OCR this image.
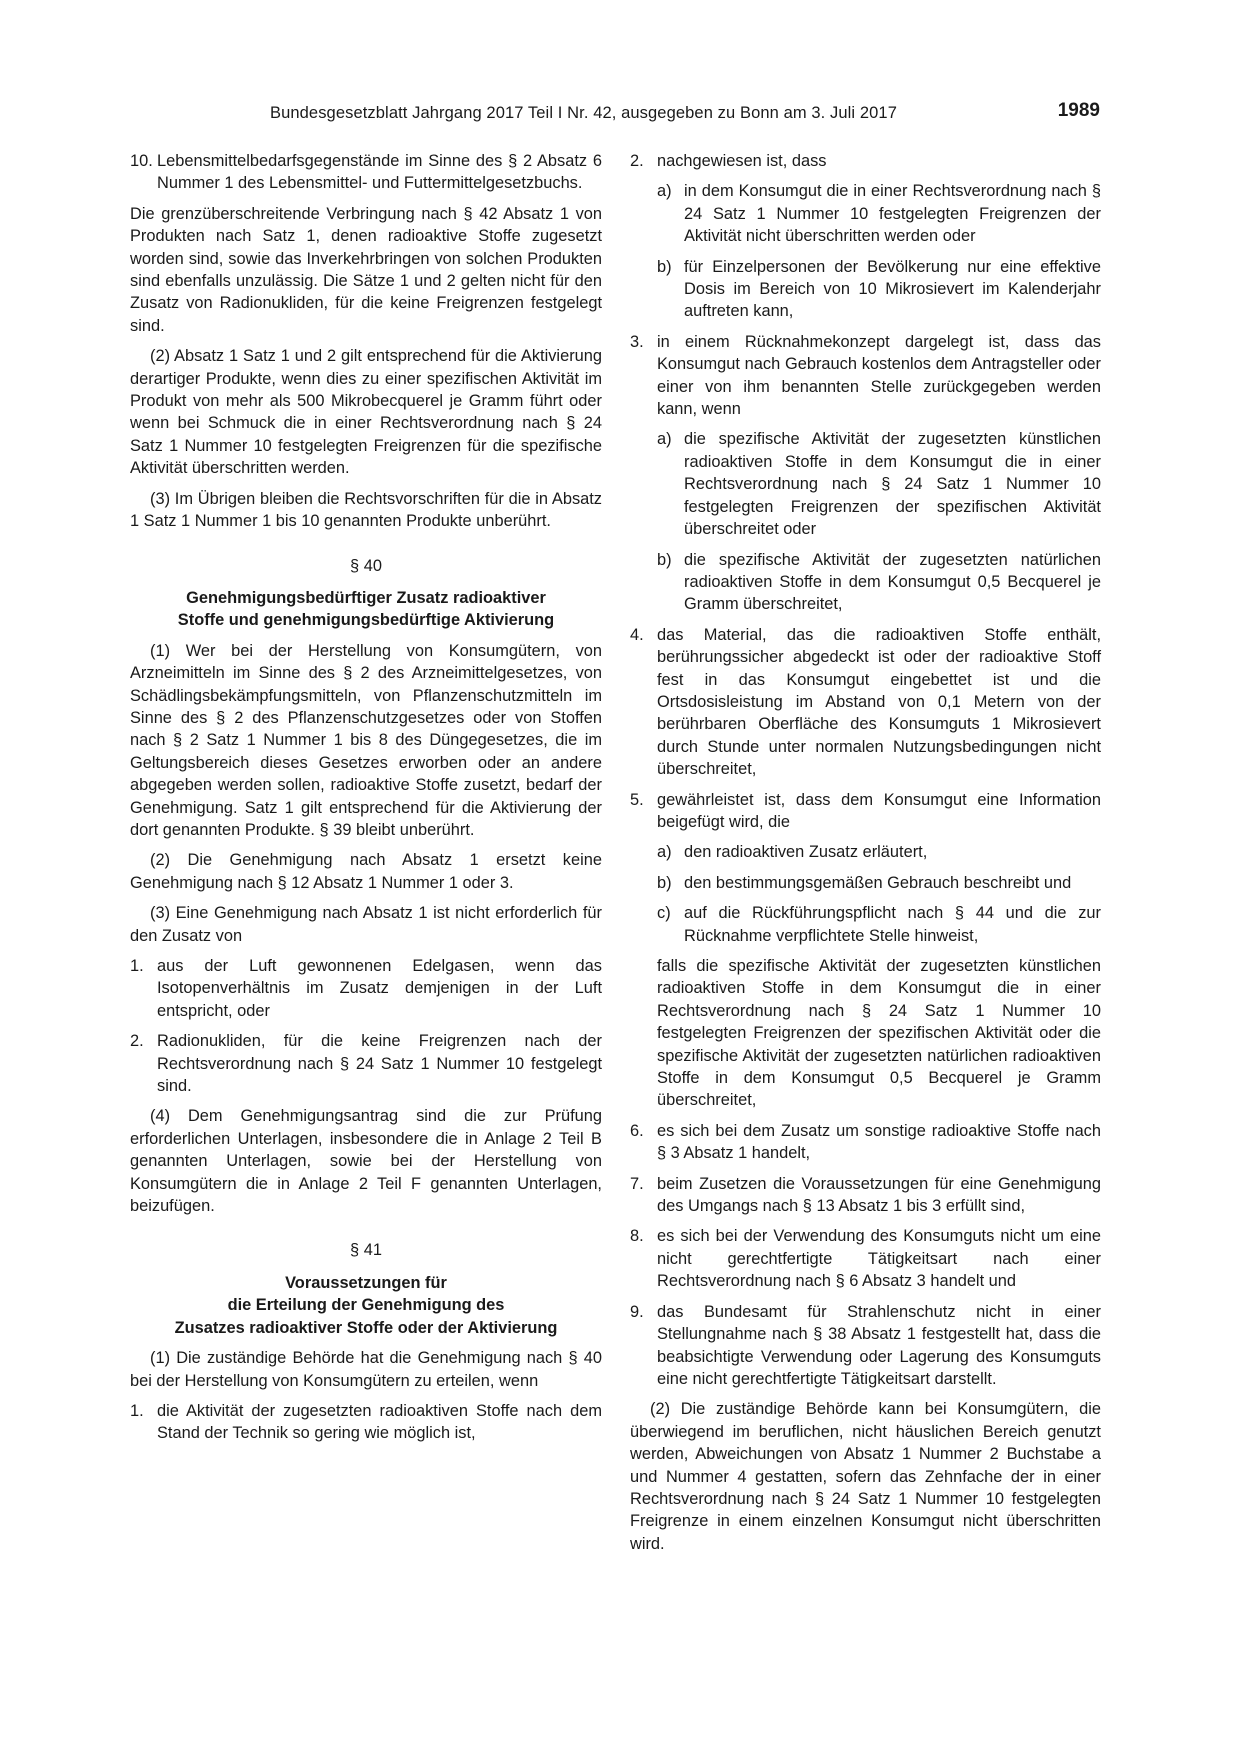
Bundesgesetzblatt Jahrgang 2017 Teil I Nr. 42, ausgegeben zu Bonn am 3. Juli 2017	1989
10. Lebensmittelbedarfsgegenstände im Sinne des § 2 Absatz 6 Nummer 1 des Lebensmittel- und Futtermittelgesetzbuchs.

Die grenzüberschreitende Verbringung nach § 42 Absatz 1 von Produkten nach Satz 1, denen radioaktive Stoffe zugesetzt worden sind, sowie das Inverkehrbringen von solchen Produkten sind ebenfalls unzulässig. Die Sätze 1 und 2 gelten nicht für den Zusatz von Radionukliden, für die keine Freigrenzen festgelegt sind.

(2) Absatz 1 Satz 1 und 2 gilt entsprechend für die Aktivierung derartiger Produkte, wenn dies zu einer spezifischen Aktivität im Produkt von mehr als 500 Mikrobecquerel je Gramm führt oder wenn bei Schmuck die in einer Rechtsverordnung nach § 24 Satz 1 Nummer 10 festgelegten Freigrenzen für die spezifische Aktivität überschritten werden.

(3) Im Übrigen bleiben die Rechtsvorschriften für die in Absatz 1 Satz 1 Nummer 1 bis 10 genannten Produkte unberührt.

§ 40
Genehmigungsbedürftiger Zusatz radioaktiver
Stoffe und genehmigungsbedürftige Aktivierung

(1) Wer bei der Herstellung von Konsumgütern, von Arzneimitteln im Sinne des § 2 des Arzneimittelgesetzes, von Schädlingsbekämpfungsmitteln, von Pflanzenschutzmitteln im Sinne des § 2 des Pflanzenschutzgesetzes oder von Stoffen nach § 2 Satz 1 Nummer 1 bis 8 des Düngegesetzes, die im Geltungsbereich dieses Gesetzes erworben oder an andere abgegeben werden sollen, radioaktive Stoffe zusetzt, bedarf der Genehmigung. Satz 1 gilt entsprechend für die Aktivierung der dort genannten Produkte. § 39 bleibt unberührt.

(2) Die Genehmigung nach Absatz 1 ersetzt keine Genehmigung nach § 12 Absatz 1 Nummer 1 oder 3.

(3) Eine Genehmigung nach Absatz 1 ist nicht erforderlich für den Zusatz von

1. aus der Luft gewonnenen Edelgasen, wenn das Isotopenverhältnis im Zusatz demjenigen in der Luft entspricht, oder
2. Radionukliden, für die keine Freigrenzen nach der Rechtsverordnung nach § 24 Satz 1 Nummer 10 festgelegt sind.

(4) Dem Genehmigungsantrag sind die zur Prüfung erforderlichen Unterlagen, insbesondere die in Anlage 2 Teil B genannten Unterlagen, sowie bei der Herstellung von Konsumgütern die in Anlage 2 Teil F genannten Unterlagen, beizufügen.

§ 41
Voraussetzungen für
die Erteilung der Genehmigung des
Zusatzes radioaktiver Stoffe oder der Aktivierung

(1) Die zuständige Behörde hat die Genehmigung nach § 40 bei der Herstellung von Konsumgütern zu erteilen, wenn

1. die Aktivität der zugesetzten radioaktiven Stoffe nach dem Stand der Technik so gering wie möglich ist,
2. nachgewiesen ist, dass
a) in dem Konsumgut die in einer Rechtsverordnung nach § 24 Satz 1 Nummer 10 festgelegten Freigrenzen der Aktivität nicht überschritten werden oder
b) für Einzelpersonen der Bevölkerung nur eine effektive Dosis im Bereich von 10 Mikrosievert im Kalenderjahr auftreten kann,
3. in einem Rücknahmekonzept dargelegt ist, dass das Konsumgut nach Gebrauch kostenlos dem Antragsteller oder einer von ihm benannten Stelle zurückgegeben werden kann, wenn
a) die spezifische Aktivität der zugesetzten künstlichen radioaktiven Stoffe in dem Konsumgut die in einer Rechtsverordnung nach § 24 Satz 1 Nummer 10 festgelegten Freigrenzen der spezifischen Aktivität überschreitet oder
b) die spezifische Aktivität der zugesetzten natürlichen radioaktiven Stoffe in dem Konsumgut 0,5 Becquerel je Gramm überschreitet,
4. das Material, das die radioaktiven Stoffe enthält, berührungssicher abgedeckt ist oder der radioaktive Stoff fest in das Konsumgut eingebettet ist und die Ortsdosisleistung im Abstand von 0,1 Metern von der berührbaren Oberfläche des Konsumguts 1 Mikrosievert durch Stunde unter normalen Nutzungsbedingungen nicht überschreitet,
5. gewährleistet ist, dass dem Konsumgut eine Information beigefügt wird, die
a) den radioaktiven Zusatz erläutert,
b) den bestimmungsgemäßen Gebrauch beschreibt und
c) auf die Rückführungspflicht nach § 44 und die zur Rücknahme verpflichtete Stelle hinweist,

falls die spezifische Aktivität der zugesetzten künstlichen radioaktiven Stoffe in dem Konsumgut die in einer Rechtsverordnung nach § 24 Satz 1 Nummer 10 festgelegten Freigrenzen der spezifischen Aktivität oder die spezifische Aktivität der zugesetzten natürlichen radioaktiven Stoffe in dem Konsumgut 0,5 Becquerel je Gramm überschreitet,

6. es sich bei dem Zusatz um sonstige radioaktive Stoffe nach § 3 Absatz 1 handelt,
7. beim Zusetzen die Voraussetzungen für eine Genehmigung des Umgangs nach § 13 Absatz 1 bis 3 erfüllt sind,
8. es sich bei der Verwendung des Konsumguts nicht um eine nicht gerechtfertigte Tätigkeitsart nach einer Rechtsverordnung nach § 6 Absatz 3 handelt und
9. das Bundesamt für Strahlenschutz nicht in einer Stellungnahme nach § 38 Absatz 1 festgestellt hat, dass die beabsichtigte Verwendung oder Lagerung des Konsumguts eine nicht gerechtfertigte Tätigkeitsart darstellt.

(2) Die zuständige Behörde kann bei Konsumgütern, die überwiegend im beruflichen, nicht häuslichen Bereich genutzt werden, Abweichungen von Absatz 1 Nummer 2 Buchstabe a und Nummer 4 gestatten, sofern das Zehnfache der in einer Rechtsverordnung nach § 24 Satz 1 Nummer 10 festgelegten Freigrenze in einem einzelnen Konsumgut nicht überschritten wird.
